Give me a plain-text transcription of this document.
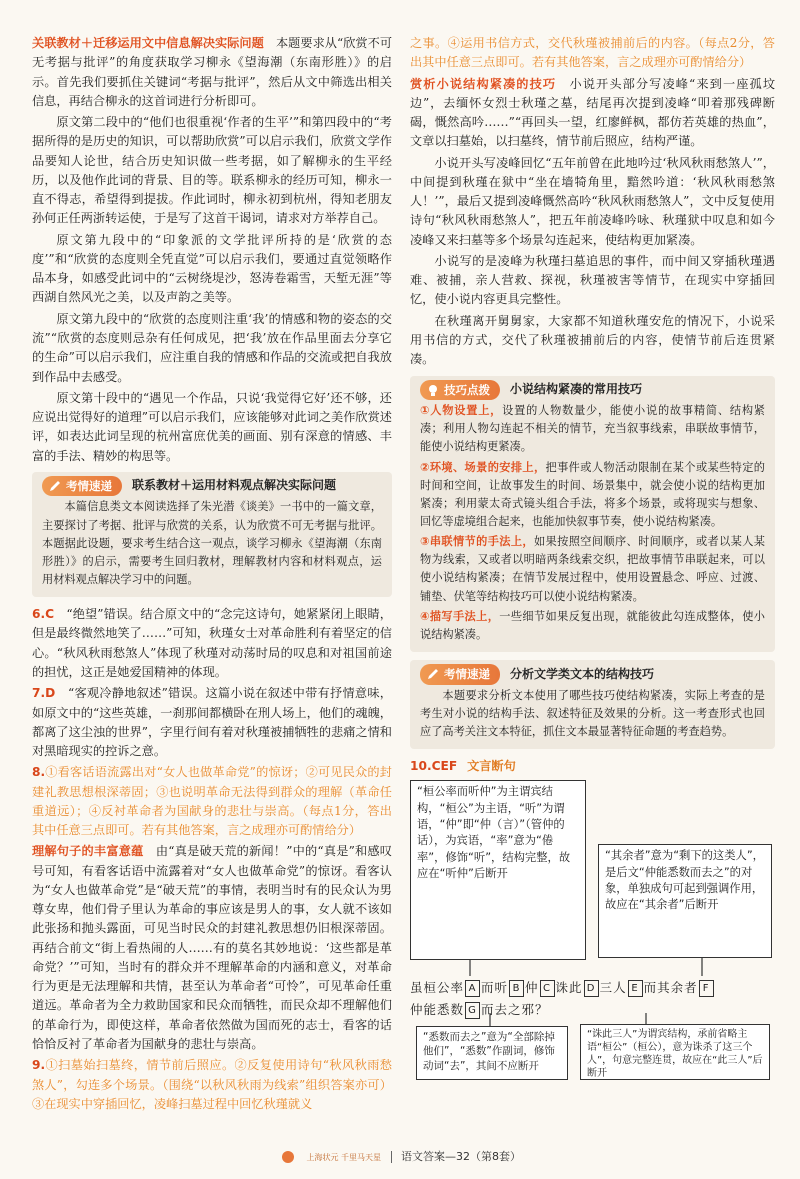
关联教材＋迁移运用文中信息解决实际问题　本题要求从“欣赏不可无考据与批评”的角度获取学习柳永《望海潮（东南形胜）》的启示。首先我们要抓住关键词“考据与批评”，然后从文中筛选出相关信息，再结合柳永的这首词进行分析即可。

原文第二段中的“他们也很重视‘作者的生平’”和第四段中的“考据所得的是历史的知识，可以帮助欣赏”可以启示我们，欣赏文学作品要知人论世，结合历史知识做一些考据，如了解柳永的生平经历，以及他作此词的背景、目的等。联系柳永的经历可知，柳永一直不得志，希望得到提拔。作此词时，柳永初到杭州，得知老朋友孙何正任两浙转运使，于是写了这首干谒词，请求对方举荐自己。

原文第九段中的“印象派的文学批评所持的是‘欣赏的态度’”和“欣赏的态度则全凭直觉”可以启示我们，要通过直觉领略作品本身，如感受此词中的“云树绕堤沙，怒涛卷霜雪，天堑无涯”等西湖自然风光之美，以及声韵之美等。

原文第九段中的“欣赏的态度则注重‘我’的情感和物的姿态的交流”“欣赏的态度则忌杂有任何成见，把‘我’放在作品里面去分享它的生命”可以启示我们，应注重自我的情感和作品的交流或把自我放到作品中去感受。

原文第十段中的“遇见一个作品，只说‘我觉得它好’还不够，还应说出觉得好的道理”可以启示我们，应该能够对此词之美作欣赏述评，如表达此词呈现的杭州富庶优美的画面、别有深意的情感、丰富的手法、精妙的构思等。

考情速递 联系教材＋运用材料观点解决实际问题

本篇信息类文本阅读选择了朱光潜《谈美》一书中的一篇文章，主要探讨了考据、批评与欣赏的关系，认为欣赏不可无考据与批评。本题据此设题，要求考生结合这一观点，谈学习柳永《望海潮（东南形胜）》的启示，需要考生回归教材，理解教材内容和材料观点，运用材料观点解决学习中的问题。

6.C　“绝望”错误。结合原文中的“念完这诗句，她紧紧闭上眼睛，但是最终微然地笑了……”可知，秋瑾女士对革命胜利有着坚定的信心。“秋风秋雨愁煞人”体现了秋瑾对动荡时局的叹息和对祖国前途的担忧，这正是她爱国精神的体现。

7.D　“客观冷静地叙述”错误。这篇小说在叙述中带有抒情意味，如原文中的“这些英雄，一刹那间都横卧在刑人场上，他们的魂魄，都离了这尘浊的世界”，字里行间有着对秋瑾被捕牺牲的悲痛之情和对黑暗现实的控诉之意。

8.①看客话语流露出对“女人也做革命党”的惊讶；②可见民众的封建礼教思想根深蒂固；③也说明革命无法得到群众的理解（革命任重道远）；④反衬革命者为国献身的悲壮与崇高。（每点1分，答出其中任意三点即可。若有其他答案，言之成理亦可酌情给分）

理解句子的丰富意蕴　由“真是破天荒的新闻！”中的“真是”和感叹号可知，有看客话语中流露着对“女人也做革命党”的惊讶。看客认为“女人也做革命党”是“破天荒”的事情，表明当时有的民众认为男尊女卑，他们骨子里认为革命的事应该是男人的事，女人就不该如此张扬和抛头露面，可见当时民众的封建礼教思想仍旧根深蒂固。再结合前文“街上看热闹的人……有的莫名其妙地说：‘这些都是革命党？’”可知，当时有的群众并不理解革命的内涵和意义，对革命行为更是无法理解和共情，甚至认为革命者“可怜”，可见革命任重道远。革命者为全力救助国家和民众而牺牲，而民众却不理解他们的革命行为，即使这样，革命者依然做为国而死的志士，看客的话恰恰反衬了革命者为国献身的悲壮与崇高。

9.①扫墓始扫墓终，情节前后照应。②反复使用诗句“秋风秋雨愁煞人”，勾连多个场景。（围绕“以秋风秋雨为线索”组织答案亦可）③在现实中穿插回忆，凌峰扫墓过程中回忆秋瑾就义

之事。④运用书信方式，交代秋瑾被捕前后的内容。（每点2分，答出其中任意三点即可。若有其他答案，言之成理亦可酌情给分）

赏析小说结构紧凑的技巧　小说开头部分写凌峰“来到一座孤坟边”，去缅怀女烈士秋瑾之墓，结尾再次提到凌峰“叩着那残碑断碣，慨然高吟……”“再回头一望，红廖鲜枫，都仿若英雄的热血”，文章以扫墓始，以扫墓终，情节前后照应，结构严谨。

小说开头写凌峰回忆“五年前曾在此地吟过‘秋风秋雨愁煞人’”，中间提到秋瑾在狱中“坐在墙犄角里，黯然吟道：‘秋风秋雨愁煞人！’”，最后又提到凌峰慨然高吟“秋风秋雨愁煞人”，文中反复使用诗句“秋风秋雨愁煞人”，把五年前凌峰吟咏、秋瑾狱中叹息和如今凌峰又来扫墓等多个场景勾连起来，使结构更加紧凑。

小说写的是凌峰为秋瑾扫墓追思的事件，而中间又穿插秋瑾遇难、被捕，亲人营救、探视，秋瑾被害等情节，在现实中穿插回忆，使小说内容更具完整性。

在秋瑾离开舅舅家，大家都不知道秋瑾安危的情况下，小说采用书信的方式，交代了秋瑾被捕前后的内容，使情节前后连贯紧凑。

技巧点拨 小说结构紧凑的常用技巧

①人物设置上，设置的人物数量少，能使小说的故事精简、结构紧凑；利用人物勾连起不相关的情节，充当叙事线索，串联故事情节，能使小说结构更紧凑。

②环境、场景的安排上，把事件或人物活动限制在某个或某些特定的时间和空间，让故事发生的时间、场景集中，就会使小说的结构更加紧凑；利用蒙太奇式镜头组合手法，将多个场景，或将现实与想象、回忆等虚境组合起来，也能加快叙事节奏，使小说结构紧凑。

③串联情节的手法上，如果按照空间顺序、时间顺序，或者以某人某物为线索，又或者以明暗两条线索交织，把故事情节串联起来，可以使小说结构紧凑；在情节发展过程中，使用设置悬念、呼应、过渡、铺垫、伏笔等结构技巧可以使小说结构紧凑。

④描写手法上，一些细节如果反复出现，就能彼此勾连成整体，使小说结构紧凑。

考情速递 分析文学类文本的结构技巧

本题要求分析文本使用了哪些技巧使结构紧凑，实际上考查的是考生对小说的结构手法、叙述特征及效果的分析。这一考查形式也回应了高考关注文本特征，抓住文本最显著特征命题的考查趋势。

10.CEF 文言断句

“桓公率而听仲”为主谓宾结构，“桓公”为主语，“听”为谓语，“仲”即“仲（言）”（管仲的话），为宾语，“率”意为“倦率”，修饰“听”，结构完整，故应在“听仲”后断开
“其余者”意为“剩下的这类人”，是后文“仲能悉数而去之”的对象，单独成句可起到强调作用，故应在“其余者”后断开
虽桓公率 A 而听 B 仲 C 诛此 D 三人 E 而其余者 F
仲能悉数 G 而去之邪？
“悉数而去之”意为“全部除掉他们”，“悉数”作副词，修饰动词“去”，其间不应断开
“诛此三人”为谓宾结构，承前省略主语“桓公”（桓公），意为诛杀了这三个人”，句意完整连贯，故应在“此三人”后断开
上海状元 千里马天星 语文答案—32（第8套）
